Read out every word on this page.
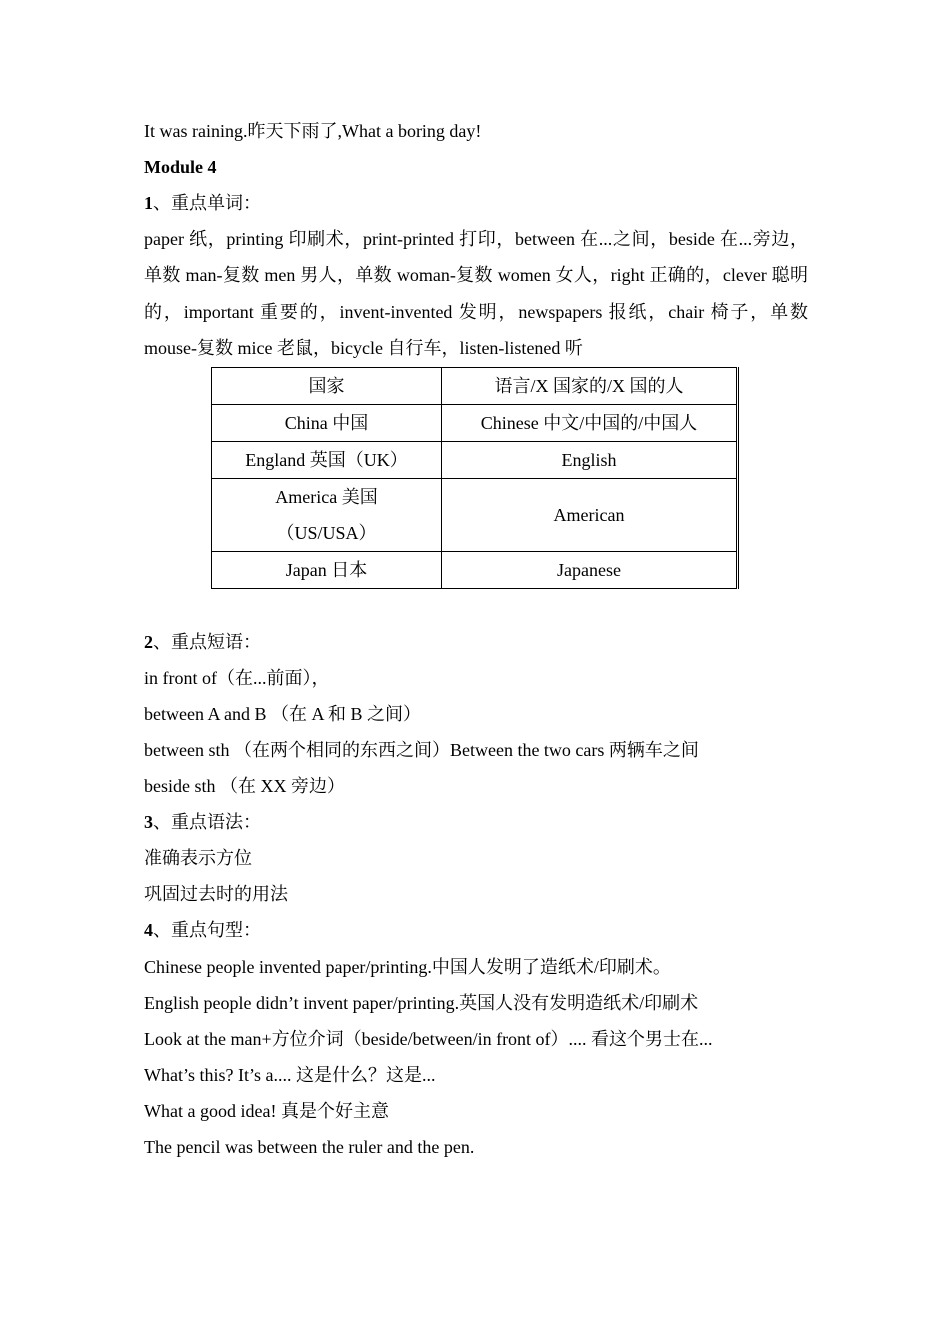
It was raining.昨天下雨了,What a boring day!
Module 4
1、重点单词：
paper 纸，printing 印刷术，print-printed 打印，between 在...之间，beside 在...旁边，单数 man-复数 men 男人，单数 woman-复数 women 女人，right 正确的，clever 聪明的，important 重要的，invent-invented 发明，newspapers 报纸，chair 椅子，单数 mouse-复数 mice 老鼠，bicycle 自行车，listen-listened 听
国家	语言/X 国家的/X 国的人
China 中国	Chinese 中文/中国的/中国人
England 英国（UK）	English

America 美国
（US/USA）	American
Japan 日本	Japanese
2、重点短语：
in front of（在...前面），
between A and B （在 A 和 B 之间）
between sth （在两个相同的东西之间）Between the two cars 两辆车之间
beside sth （在 XX 旁边）
3、重点语法：
准确表示方位
巩固过去时的用法
4、重点句型：
Chinese people invented paper/printing.中国人发明了造纸术/印刷术。
English people didn’t invent paper/printing.英国人没有发明造纸术/印刷术
Look at the man+方位介词（beside/between/in front of）.... 看这个男士在...
What’s this? It’s a.... 这是什么？这是...
What a good idea! 真是个好主意
The pencil was between the ruler and the pen.
